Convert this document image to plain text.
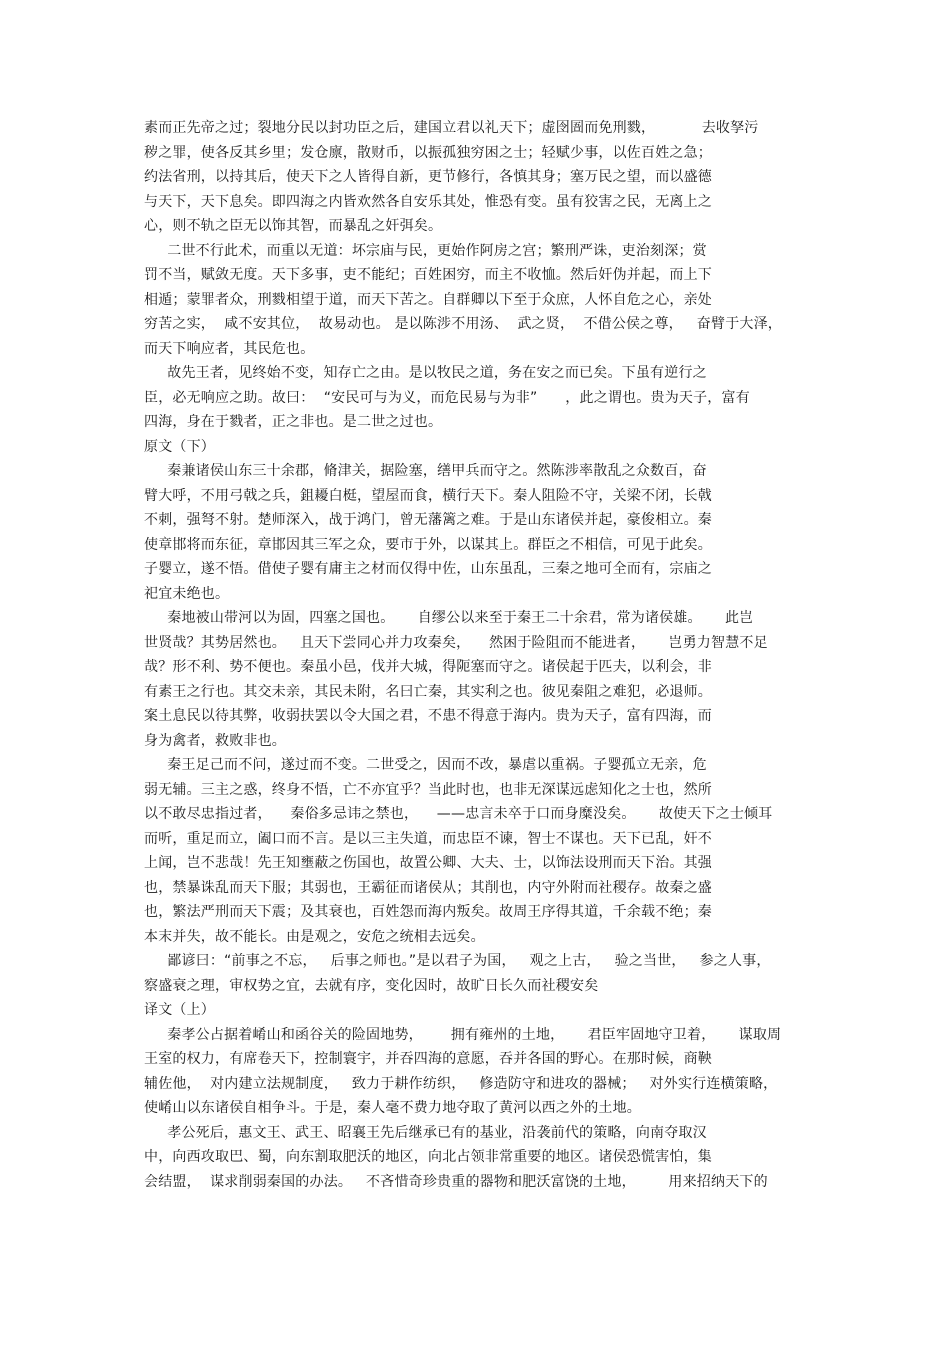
素而正先帝之过；裂地分民以封功臣之后，建国立君以礼天下；虚囹圄而免刑戮，          去收孥污
秽之罪，使各反其乡里；发仓廪，散财币，以振孤独穷困之士；轻赋少事，以佐百姓之急；
约法省刑，以持其后，使天下之人皆得自新，更节修行，各慎其身；塞万民之望，而以盛德
与天下，天下息矣。即四海之内皆欢然各自安乐其处，惟恐有变。虽有狡害之民，无离上之
心，则不轨之臣无以饰其智，而暴乱之奸弭矣。
二世不行此术，而重以无道：坏宗庙与民，更始作阿房之宫；繁刑严诛，吏治刻深；赏
罚不当，赋敛无度。天下多事，吏不能纪；百姓困穷，而主不收恤。然后奸伪并起，而上下
相遁；蒙罪者众，刑戮相望于道，而天下苦之。自群卿以下至于众庶，人怀自危之心，亲处
穷苦之实，  咸不安其位，  故易动也。 是以陈涉不用汤、  武之贤，  不借公侯之尊，   奋臂于大泽，
而天下响应者，其民危也。
故先王者，见终始不变，知存亡之由。是以牧民之道，务在安之而已矣。下虽有逆行之
臣，必无响应之助。故曰：  “安民可与为义，而危民易与为非”      ，此之谓也。贵为天子，富有
四海，身在于戮者，正之非也。是二世之过也。
原文（下）
秦兼诸侯山东三十余郡，脩津关，据险塞，缮甲兵而守之。然陈涉率散乱之众数百，奋
臂大呼，不用弓戟之兵，鉏耰白梃，望屋而食，横行天下。秦人阻险不守，关梁不闭，长戟
不刺，强弩不射。楚师深入，战于鸿门，曾无藩篱之难。于是山东诸侯并起，豪俊相立。秦
使章邯将而东征，章邯因其三军之众，要市于外，以谋其上。群臣之不相信，可见于此矣。
子婴立，遂不悟。借使子婴有庸主之材而仅得中佐，山东虽乱，三秦之地可全而有，宗庙之
祀宜未绝也。
秦地被山带河以为固，四塞之国也。     自缪公以来至于秦王二十余君，常为诸侯雄。     此岂
世贤哉？其势居然也。   且天下尝同心并力攻秦矣，    然困于险阻而不能进者，     岂勇力智慧不足
哉？形不利、势不便也。秦虽小邑，伐并大城，得阨塞而守之。诸侯起于匹夫，以利会，非
有素王之行也。其交未亲，其民未附，名曰亡秦，其实利之也。彼见秦阻之难犯，必退师。
案土息民以待其弊，收弱扶罢以令大国之君，不患不得意于海内。贵为天子，富有四海，而
身为禽者，救败非也。
秦王足己而不问，遂过而不变。二世受之，因而不改，暴虐以重祸。子婴孤立无亲，危
弱无辅。三主之惑，终身不悟，亡不亦宜乎？当此时也，也非无深谋远虑知化之士也，然所
以不敢尽忠指过者，    秦俗多忌讳之禁也，    ——忠言未卒于口而身糜没矣。     故使天下之士倾耳
而听，重足而立，阖口而不言。是以三主失道，而忠臣不谏，智士不谋也。天下已乱，奸不
上闻，岂不悲哉！先王知壅蔽之伤国也，故置公卿、大夫、士，以饰法设刑而天下治。其强
也，禁暴诛乱而天下服；其弱也，王霸征而诸侯从；其削也，内守外附而社稷存。故秦之盛
也，繁法严刑而天下震；及其衰也，百姓怨而海内叛矣。故周王序得其道，千余载不绝；秦
本末并失，故不能长。由是观之，安危之统相去远矣。
鄙谚曰：“前事之不忘，   后事之师也。”是以君子为国，   观之上古，   验之当世，   参之人事，
察盛衰之理，审权势之宜，去就有序，变化因时，故旷日长久而社稷安矣
译文（上）
秦孝公占据着崤山和函谷关的险固地势，      拥有雍州的土地，     君臣牢固地守卫着，     谋取周
王室的权力，有席卷天下，控制寰宇，并吞四海的意愿，吞并各国的野心。在那时候，商鞅
辅佐他，  对内建立法规制度，   致力于耕作纺织，   修造防守和进攻的器械；   对外实行连横策略，
使崤山以东诸侯自相争斗。于是，秦人毫不费力地夺取了黄河以西之外的土地。
孝公死后，惠文王、武王、昭襄王先后继承已有的基业，沿袭前代的策略，向南夺取汉
中，向西攻取巴、蜀，向东割取肥沃的地区，向北占领非常重要的地区。诸侯恐慌害怕，集
会结盟，  谋求削弱秦国的办法。   不吝惜奇珍贵重的器物和肥沃富饶的土地，       用来招纳天下的
